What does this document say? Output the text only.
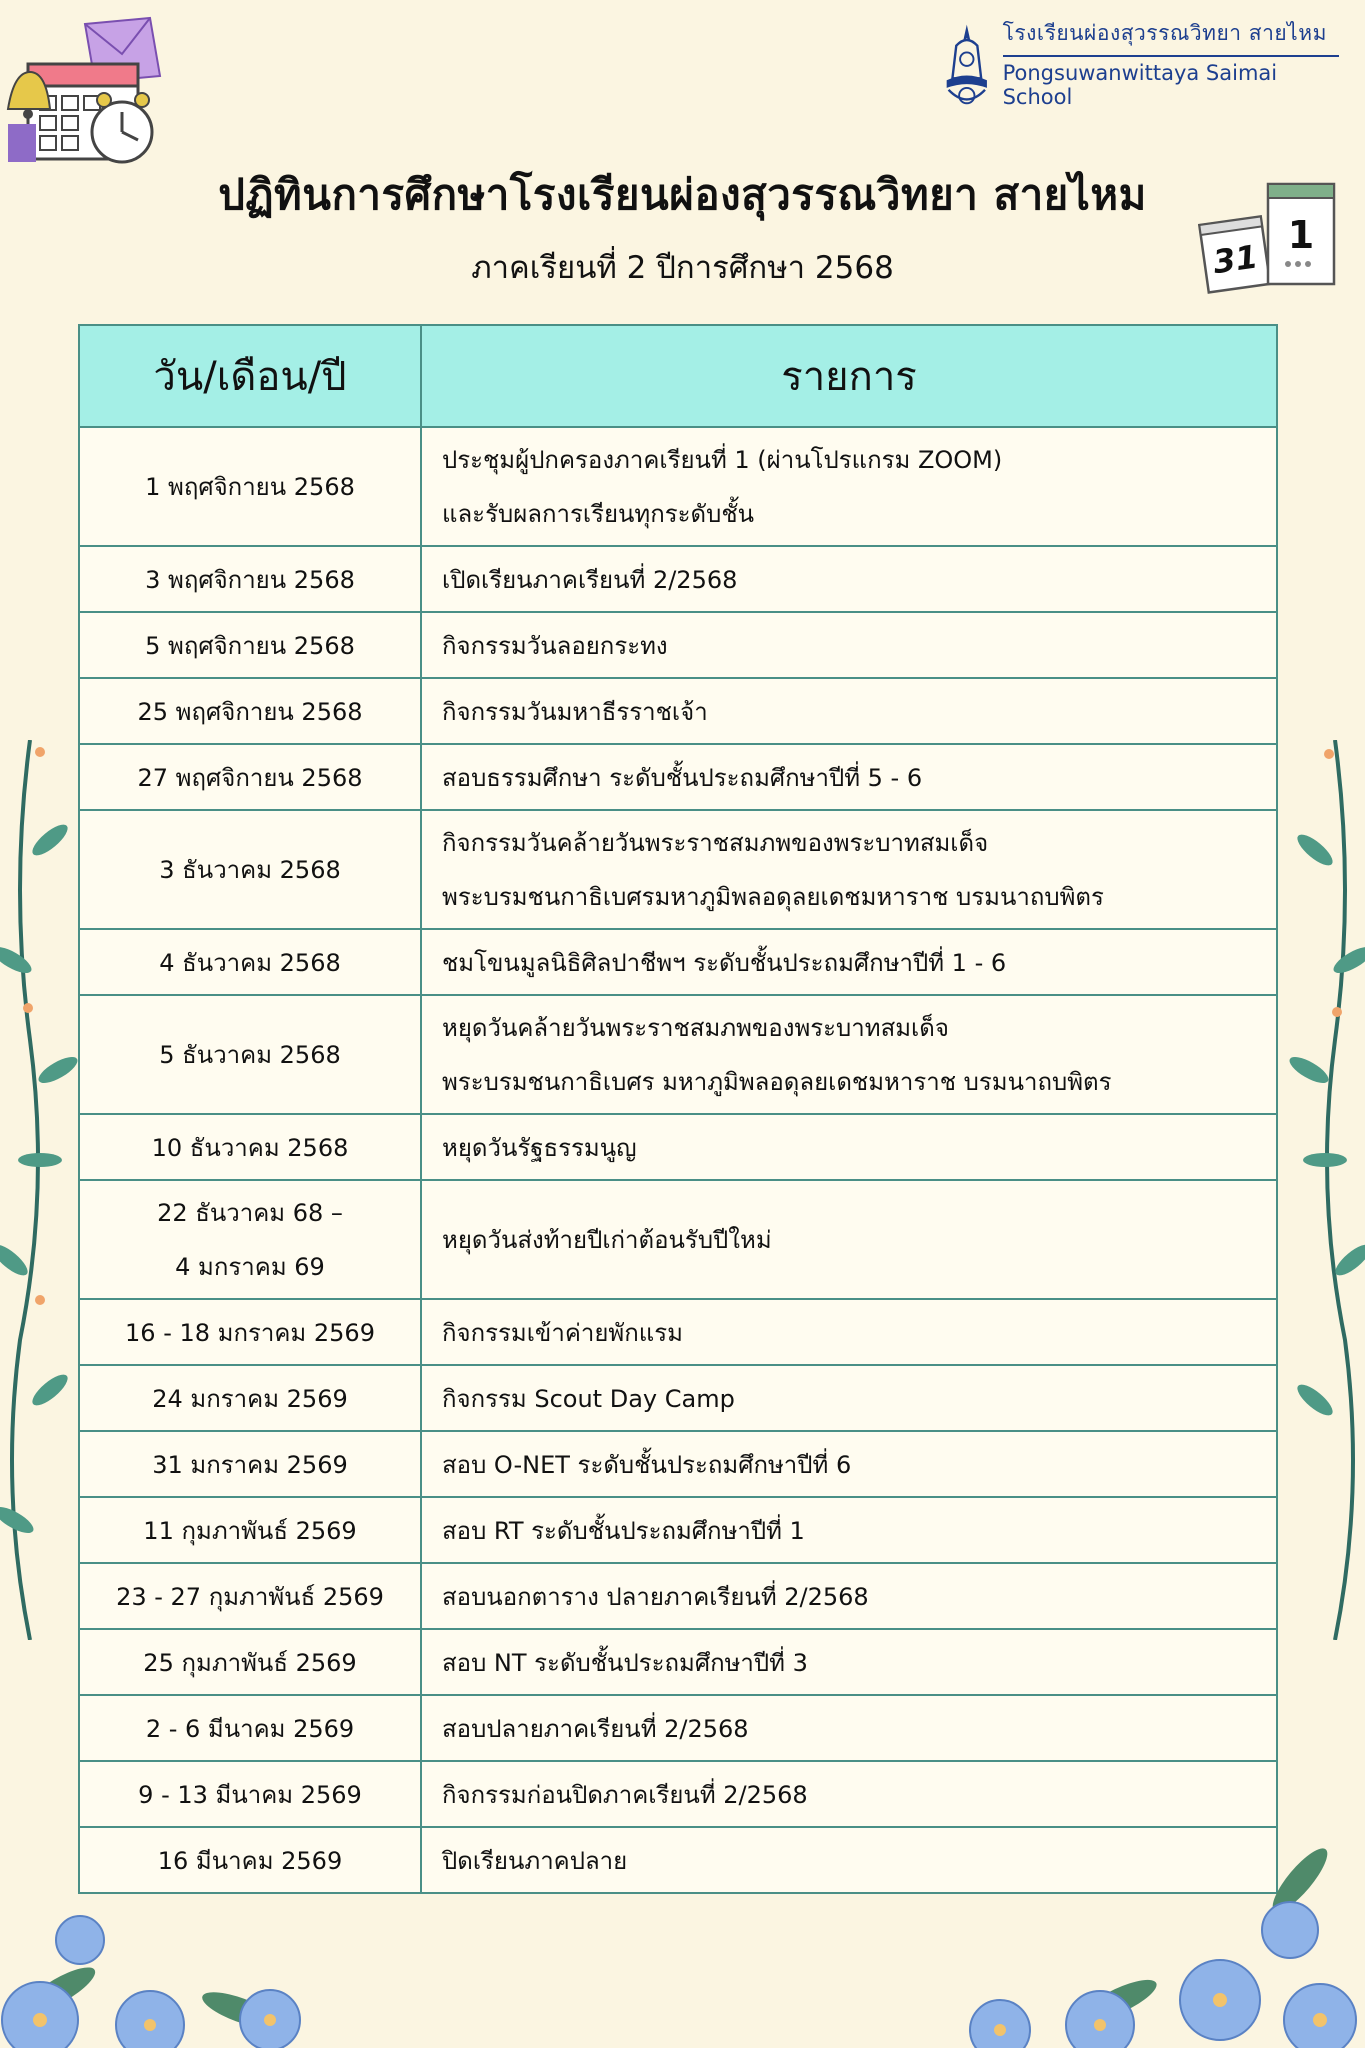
โรงเรียนผ่องสุวรรณวิทยา สายไหม
Pongsuwanwittaya Saimai School
ปฏิทินการศึกษาโรงเรียนผ่องสุวรรณวิทยา สายไหม
ภาคเรียนที่ 2 ปีการศึกษา 2568	31
1
วัน/เดือน/ปี	รายการ

1 พฤศจิกายน 2568	ประชุมผู้ปกครองภาคเรียนที่ 1 (ผ่านโปรแกรม ZOOM)
และรับผลการเรียนทุกระดับชั้น

3 พฤศจิกายน 2568	เปิดเรียนภาคเรียนที่ 2/2568

5 พฤศจิกายน 2568	กิจกรรมวันลอยกระทง

25 พฤศจิกายน 2568	กิจกรรมวันมหาธีรราชเจ้า

27 พฤศจิกายน 2568	สอบธรรมศึกษา ระดับชั้นประถมศึกษาปีที่ 5 - 6

3 ธันวาคม 2568	กิจกรรมวันคล้ายวันพระราชสมภพของพระบาทสมเด็จ
พระบรมชนกาธิเบศรมหาภูมิพลอดุลยเดชมหาราช บรมนาถบพิตร

4 ธันวาคม 2568	ชมโขนมูลนิธิศิลปาชีพฯ ระดับชั้นประถมศึกษาปีที่ 1 - 6

5 ธันวาคม 2568	หยุดวันคล้ายวันพระราชสมภพของพระบาทสมเด็จ
พระบรมชนกาธิเบศร มหาภูมิพลอดุลยเดชมหาราช บรมนาถบพิตร

10 ธันวาคม 2568	หยุดวันรัฐธรรมนูญ

22 ธันวาคม 68 –
4 มกราคม 69	หยุดวันส่งท้ายปีเก่าต้อนรับปีใหม่

16 - 18 มกราคม 2569	กิจกรรมเข้าค่ายพักแรม

24 มกราคม 2569	กิจกรรม Scout Day Camp

31 มกราคม 2569	สอบ O-NET ระดับชั้นประถมศึกษาปีที่ 6

11 กุมภาพันธ์ 2569	สอบ RT ระดับชั้นประถมศึกษาปีที่ 1

23 - 27 กุมภาพันธ์ 2569	สอบนอกตาราง ปลายภาคเรียนที่ 2/2568

25 กุมภาพันธ์ 2569	สอบ NT ระดับชั้นประถมศึกษาปีที่ 3

2 - 6 มีนาคม 2569	สอบปลายภาคเรียนที่ 2/2568

9 - 13 มีนาคม 2569	กิจกรรมก่อนปิดภาคเรียนที่ 2/2568

16 มีนาคม 2569	ปิดเรียนภาคปลาย
